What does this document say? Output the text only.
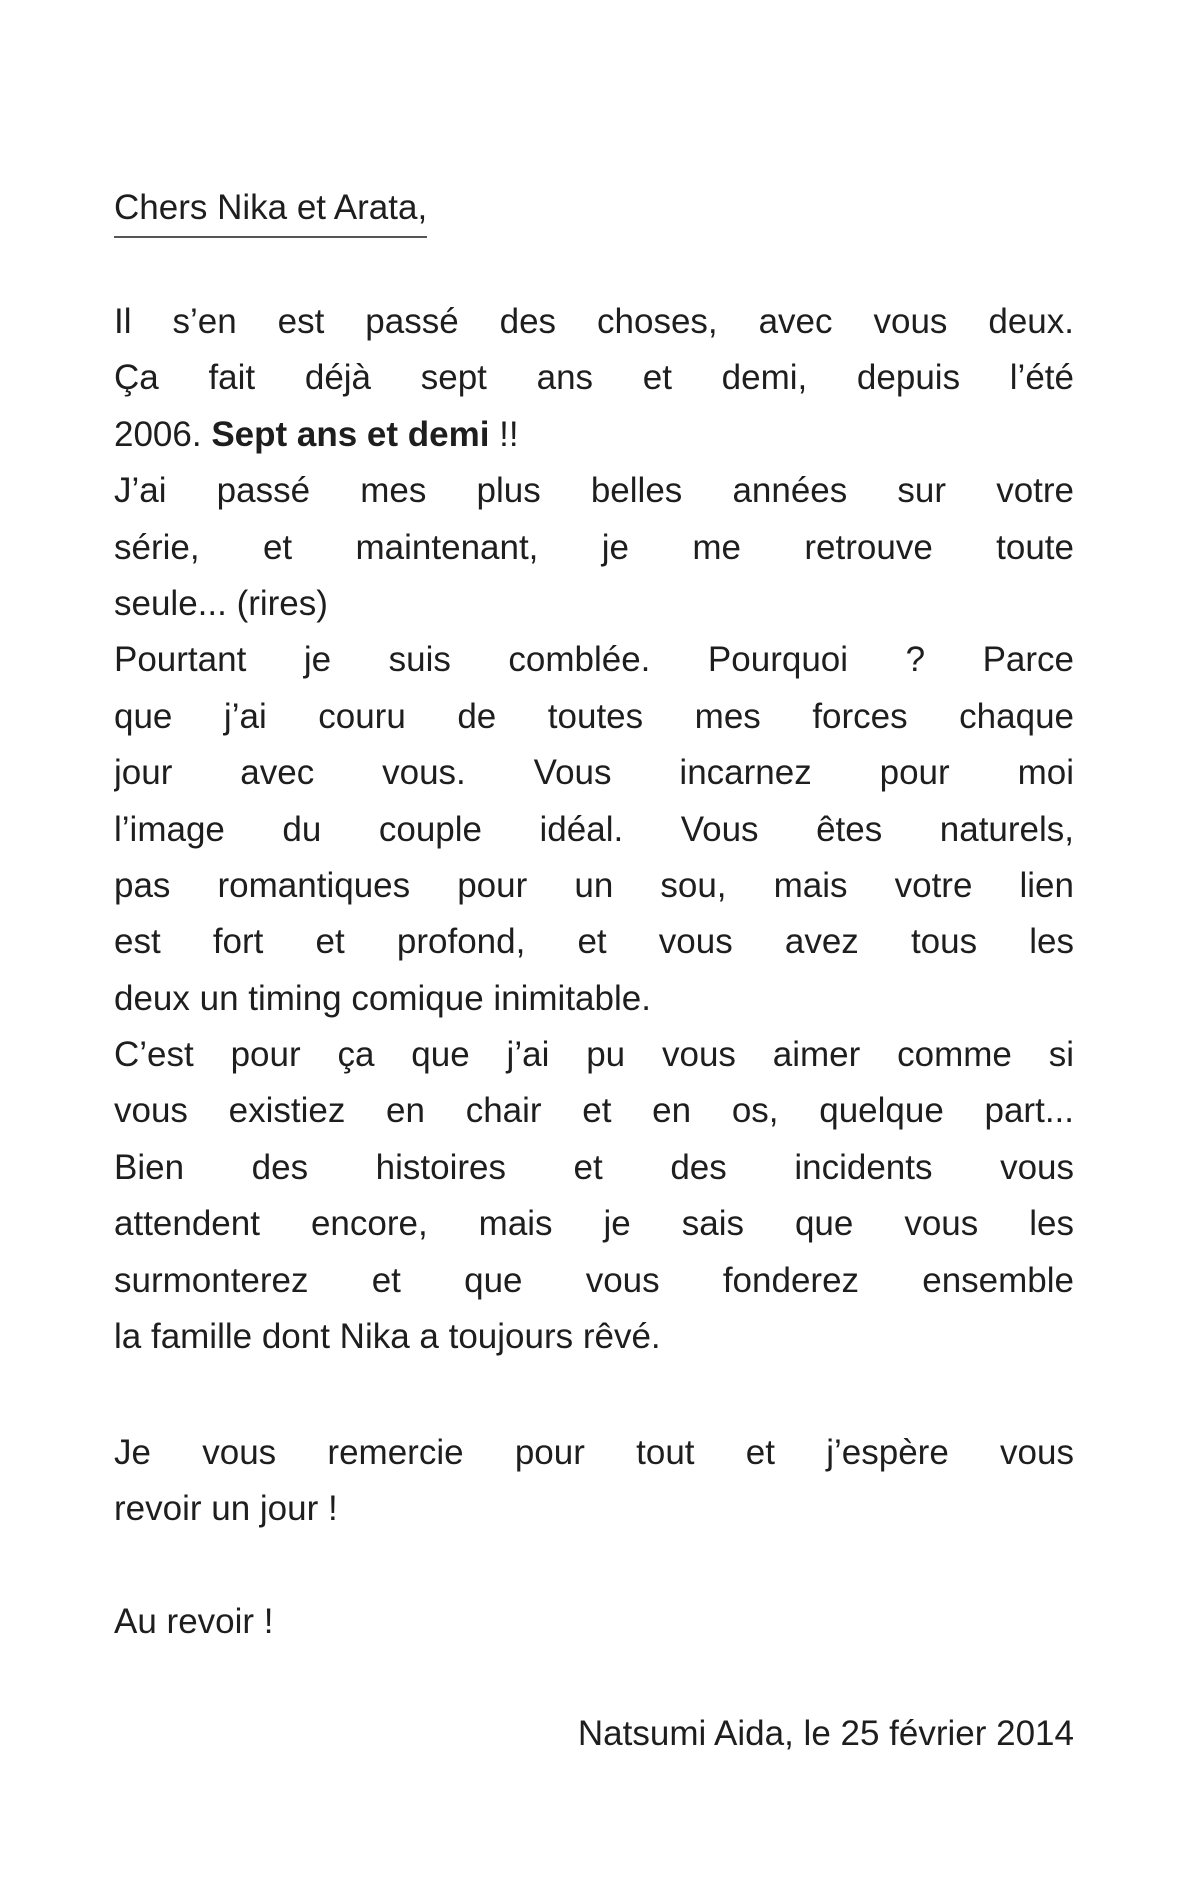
Chers Nika et Arata,
Il s’en est passé des choses, avec vous deux.
Ça fait déjà sept ans et demi, depuis l’été
2006. Sept ans et demi !!
J’ai passé mes plus belles années sur votre
série, et maintenant, je me retrouve toute
seule... (rires)
Pourtant je suis comblée. Pourquoi ? Parce
que j’ai couru de toutes mes forces chaque
jour avec vous. Vous incarnez pour moi
l’image du couple idéal. Vous êtes naturels,
pas romantiques pour un sou, mais votre lien
est fort et profond, et vous avez tous les
deux un timing comique inimitable.
C’est pour ça que j’ai pu vous aimer comme si
vous existiez en chair et en os, quelque part...
Bien des histoires et des incidents vous
attendent encore, mais je sais que vous les
surmonterez et que vous fonderez ensemble
la famille dont Nika a toujours rêvé.
Je vous remercie pour tout et j’espère vous
revoir un jour !
Au revoir !
Natsumi Aida, le 25 février 2014
